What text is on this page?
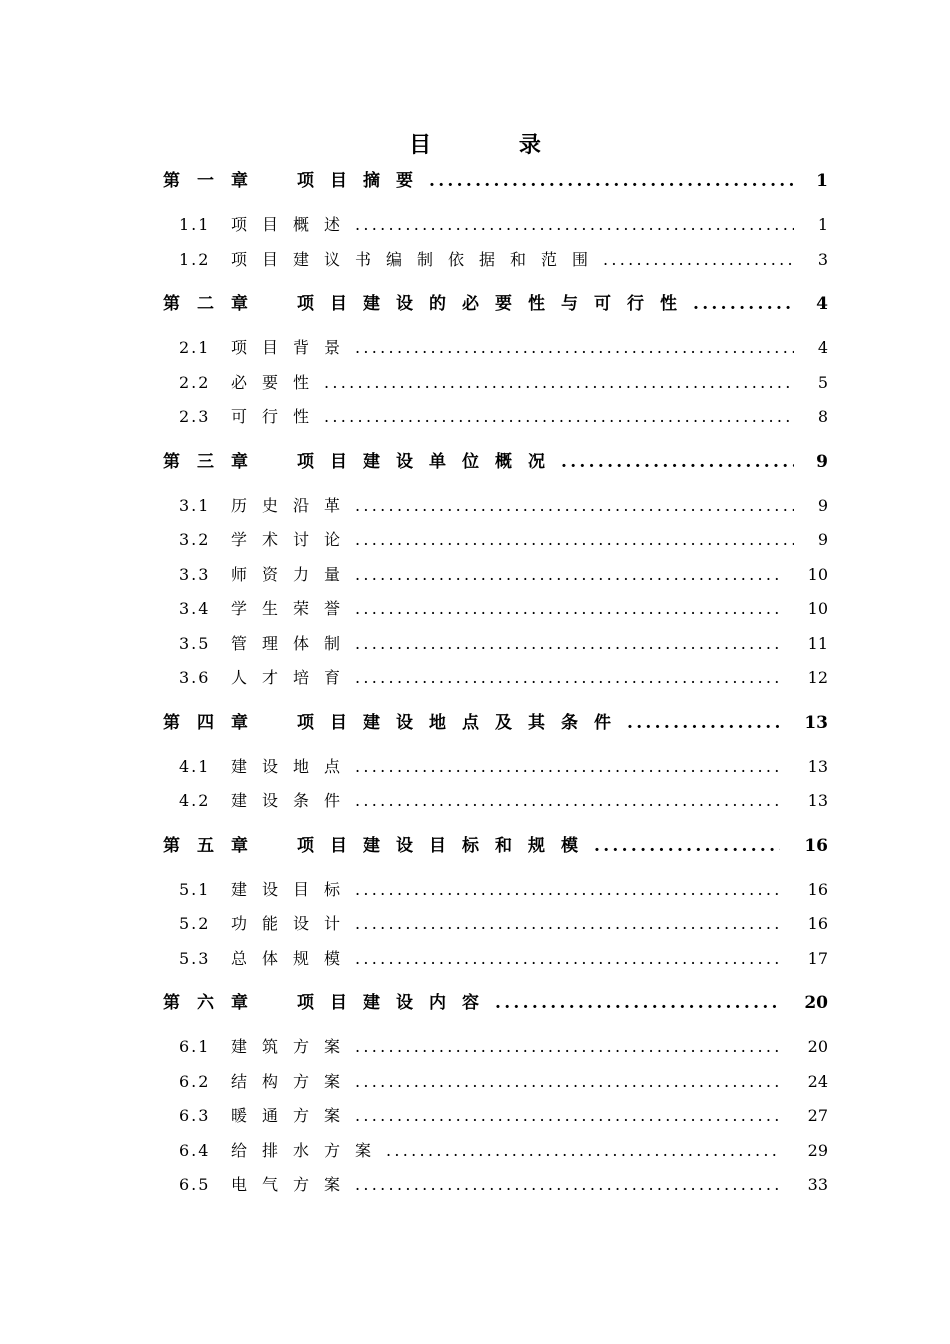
目 录
第一章	项目摘要 .....	1
1.1	项目概述 .....	1
1.2	项目建议书编制依据和范围 .....	3
第二章	项目建设的必要性与可行性 .....	4
2.1	项目背景 .....	4
2.2	必要性 .....	5
2.3	可行性 .....	8
第三章	项目建设单位概况 .....	9
3.1	历史沿革 .....	9
3.2	学术讨论 .....	9
3.3	师资力量 .....	10
3.4	学生荣誉 .....	10
3.5	管理体制 .....	11
3.6	人才培育 .....	12
第四章	项目建设地点及其条件 .....	13
4.1	建设地点 .....	13
4.2	建设条件 .....	13
第五章	项目建设目标和规模 .....	16
5.1	建设目标 .....	16
5.2	功能设计 .....	16
5.3	总体规模 .....	17
第六章	项目建设内容 .....	20
6.1	建筑方案 .....	20
6.2	结构方案 .....	24
6.3	暖通方案 .....	27
6.4	给排水方案 .....	29
6.5	电气方案 .....	33
